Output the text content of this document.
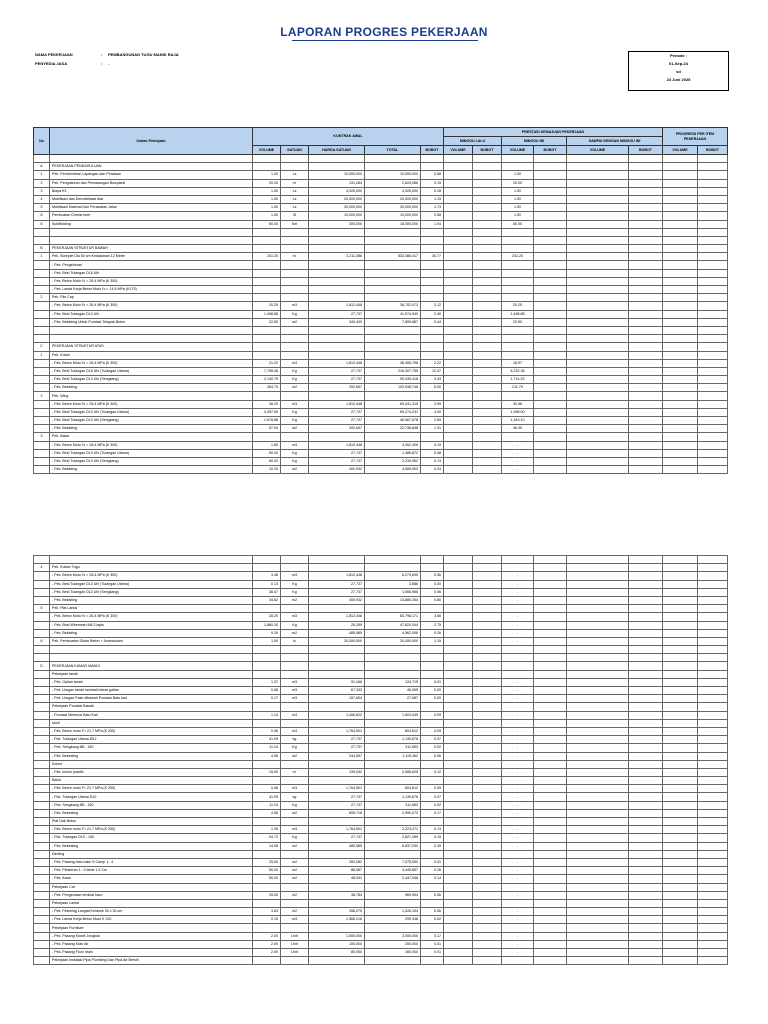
LAPORAN PROGRES PEKERJAAN
NAMA PEKERJAAN	: PEMBANGUNAN TUGU MANIK RAJA
PENYEDIA JASA	: -
Periode :
01-Sep-24
sd
23 Juni 2025
No	Uraian Pekerjaan	KONTRAK AWAL					PRESTASI KEMAJUAN PEKERJAAN						PROGRESS PER ITEM PEKERJAAN	
							MINGGU LALU		MINGGU INI		SAMPAI DENGAN MINGGU INI			
		VOLUME	SATUAN	HARGA SATUAN	TOTAL	BOBOT	VOLUME	BOBOT	VOLUME	BOBOT	VOLUME	BOBOT	VOLUME	BOBOT

A	PEKERJAAN PENDAHULUAN													
1	Pek. Pembersihan Lapangan dan Perataan	1.00	Ls	10,000,000	10,000,000	0.58			1.00					
2	Pek. Pengukuran dan Pemasangan Bowplank	20.00	m'	131,284	2,624,086	0.15			20.00					
3	Biaya K3	1.00	Ls	4,925,000	4,925,000	0.28			1.00					
4	Mobilisasi dan Demobilisasi Alat	1.00	Ls	20,000,000	20,000,000	1.15			1.00					
5	Mobilisasi Material Dan Perawatan Jalan	1.00	Ls	30,000,000	30,000,000	1.73			1.00					
6	Pembuatan Direksi keet	1.00	lS	10,000,000	10,000,000	0.58			1.00					
6	Scfaffolding	60.00	Set	300,000	18,000,000	1.04			60.00					

B	PEKERJAAN STRUKTUR BAWAH													
1	Pek. Borepile Dia 60 cm Kedalaman 12 Meter	241.20	m'	2,211,388	533,386,417	30.77			241.20					
	- Pek. Pengeboran													
	- Pek. Besi Tulangan D16 Ulir													
	- Pek. Beton Mutu f'c = 26.4 MPa (K 300)													
	- Pek. Lantai Kerja Beton Mutu f'c = 14,5 MPa (K175)													
2	Pek. Pile Cap													
	- Pek. Beton Mutu f'c = 26.4 MPa (K 300)	20.25	m3	1,812,448	36,702,073	2.12			20.25					
	- Pek. Besi Tulangan D13 Ulir	1,498.88	Kg	27,737	41,574,940	2.40			1,498.88					
	- Pek. Bekisting Untuk Pondasi Telapak Beton	22.50	m2	340,440	7,659,887	0.44			22.50					

C	PEKERJAAN STRUKTUR ATAS													
1	Pek. Kolom													
	- Pek. Beton Mutu f'c = 26.4 MPa (K 300)	21.22	m3	1,812,448	38,455,798	2.22			16.97					
	- Pek. Besi Tulangan D16 Ulir (Tulangan Utama)	7,798.48	Kg	27,737	216,307,755	12.47			6,232.38					
	- Pek. Besi Tulangan D13 Ulir (Sengkang)	2,140.79	Kg	27,737	59,435,418	3.43			1,714.23					
	- Pek. Bekisting	264.73	m2	392,657	103,948,746	6.00			211.79					
2	Pek. Wing													
	- Pek. Beton Mutu f'c = 26.4 MPa (K 300)	38.20	m3	1,812,448	69,241,315	3.99			30.56					
	- Pek. Besi Tulangan D13 Ulir (Tulangan Utama)	2,497.50	Kg	27,737	69,274,231	4.00			1,998.00					
	- Pek. Besi Tulangan D13 Ulir (Sengkang)	1,678.88	Kg	27,737	46,567,678	2.69			1,343.10					
	- Pek. Bekisting	57.94	m2	392,657	22,748,848	1.31			46.35					
3	Pek. Balok													
	- Pek. Beton Mutu f'c = 26.4 MPa (K 300)	1.80	m3	1,812,448	3,262,406	0.19			-					
	- Pek. Besi Tulangan D13 Ulir (Tulangan Utama)	50.00	Kg	27,737	1,386,872	0.08			-					
	- Pek. Besi Tulangan D13 Ulir (Sengkang)	80.43	Kg	27,737	2,230,952	0.13			-					
	- Pek. Bekisting	10.20	m2	400,932	4,089,503	0.24			-					

4	Pek. Kuban Tugu													
	- Pek. Beton Mutu f'c = 26.4 MPa (K 300)	3.46	m3	1,812,448	6,274,695	0.36			-					
	- Pek. Besi Tulangan D13 Ulir (Tulangan Utama)	0.13	Kg	27,737	3,686	0.00			-					
	- Pek. Besi Tulangan D13 Ulir (Sengkang)	38.47	Kg	27,737	1,066,966	0.06			-					
	- Pek. Bekisting	34.62	m2	400,932	13,880,254	0.80			-					
5	Pek. Plat Lantai													
	- Pek. Beton Mutu f'c = 26.4 MPa (K 300)	35.20	m3	1,812,448	63,798,171	3.68			-					
	- Pek. Besi Wiremesh M8 2 lapis	1,880.30	Kg	25,259	47,620,044	2.75			-					
	- Pek. Bekisting	9.39	m2	485,585	4,562,008	0.26			-					
6	Pek. Pembuatan Globe Beton + Accessories	1.00	ls	20,000,000	20,000,000	1.15			-					

D	PEKERJAAN KAMAR MANDI													
	Pekerjaan tanah													
	- Pek. Galian tanah	1.37	m3	91,166	124,715	0.01			-					
	- Pek. Urugan tanah kembali bekas galian	0.68	m3	67,333	46,055	0.00			-					
	- Pek. Urugan Pasir dibawah Pondasi Batu kali	0.17	m3	157,654	27,087	0.00			-					
	Pekerjaan Pondasi Bawah													
	- Pondasi Menerus Batu Kali	1.14	m3	1,406,622	1,603,549	0.09			-					
	sloof													
	- Pek. Beton mutu F= 21.7 MPa (K 250)	0.46	m3	1,764,501	804,612	0.05			-					
	- Pek. Tulangan Utama Ø12	41.09	kg	27,737	1,139,676	0.07			-					
	- Pek. Sengkang Ø6 - 150	11.24	Kg	27,737	311,653	0.02			-					
	- Pek. Bekesting	4.56	m2	244,597	1,115,362	0.06			-					
	Kolom													
	- Pek. kolom praktis	15.00	m'	139,042	2,085,625	0.12			-					
	Balok													
	- Pek. Beton mutu F= 21.7 MPa (K 250)	0.46	m3	1,764,501	804,612	0.05			-					
	- Pek. Tulangan Utama D10	41.09	kg	27,737	1,139,676	0.07			-					
	- Pek. Sengkang Ø6 - 150	11.24	Kg	27,737	311,653	0.02			-					
	- Pek. Bekesting	4.56	m2	655,718	2,990,073	0.17			-					
	Plat Dak Beton													
	- Pek. Beton mutu F= 21.7 MPa (K 250)	1.26	m3	1,764,501	2,223,271	0.13			-					
	- Pek. Tulangan D10 - 150	94.72	Kg	27,737	2,627,289	0.15			-					
	- Pek. Bekesting	14.08	m2	485,585	6,837,030	0.39			-					
	Dinding													
	- Pek. Pasang batu bata ½ Camp 1 : 4	25.00	m2	283,082	7,075,050	0.41			-					
	- Pek. Plesteran 1 : 2 tebal 1,5 Cm	50.00	m2	88,987	4,449,857	0.26			-					
	- Pek. Acian	50.00	m2	48,941	2,447,048	0.14			-					
	Pekerjaan Cat													
	- Pek. Pengecatan tembok baru	25.00	m2	38,784	969,594	0.06			-					
	Pekerjaan Lantai													
	- Pek. Finishing Langtai Keramik 30 x 30 cm	3.63	m2	268,275	1,026,154	0.06			-					
	- Pek. Lantai Kerja Beton Mutu K 100	0.19	m3	1,565,216	299,348	0.02			-					
	Pekerjaan Furniture													
	- Pek. Pasang Kloset Jongkok	2.00	Unit	1,500,000	3,000,000	0.17			-					
	- Pek. Pasang Kran Air	2.00	Unit	100,000	200,000	0.01			-					
	- Pek. Pasang Floor drain	2.00	Unit	80,000	160,000	0.01			-					
	Pekerjaan Instalasi Pipa Plumbing Dan Pipa Air Bersih													
